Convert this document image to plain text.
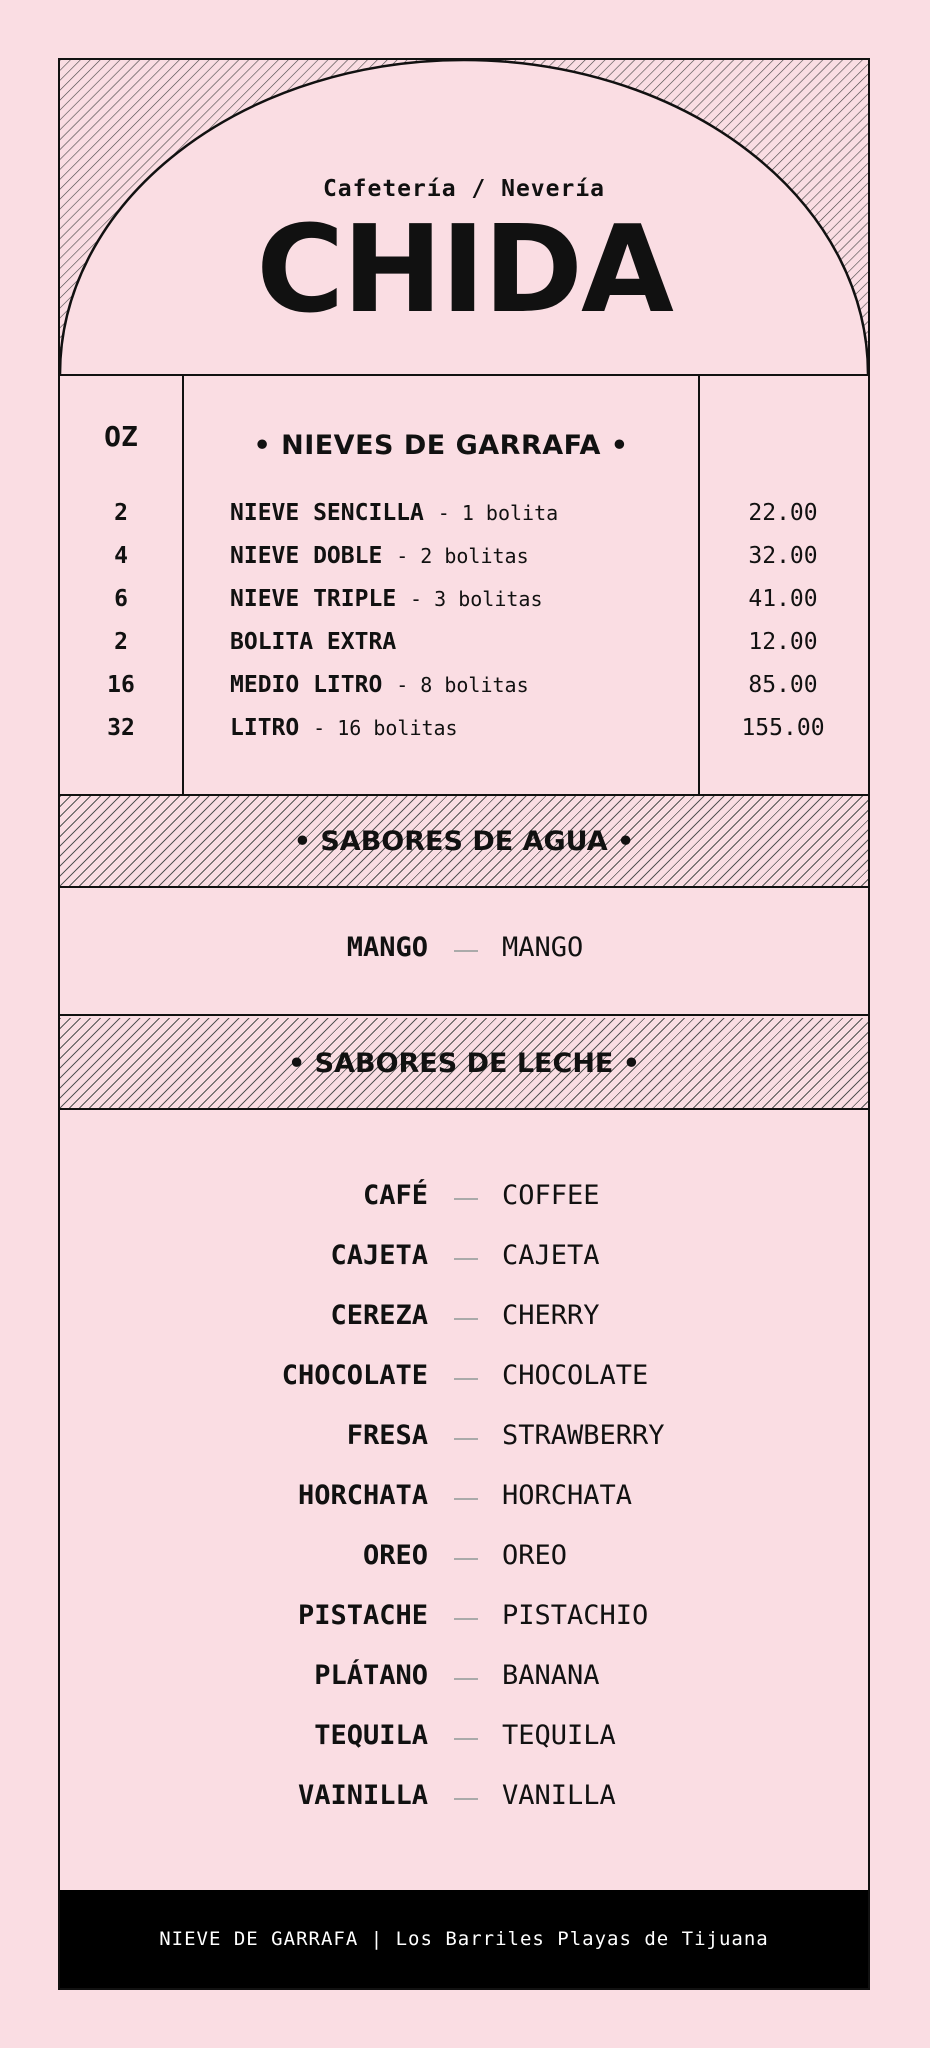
Cafetería / Nevería
CHIDA
OZ	• NIEVES DE GARRAFA •
2	NIEVE SENCILLA - 1 bolita	22.00
4	NIEVE DOBLE - 2 bolitas	32.00
6	NIEVE TRIPLE - 3 bolitas	41.00
2	BOLITA EXTRA	12.00
16	MEDIO LITRO - 8 bolitas	85.00
32	LITRO - 16 bolitas	155.00
• SABORES DE AGUA •
MANGO	MANGO
• SABORES DE LECHE •
CAFÉ	COFFEE
CAJETA	CAJETA
CEREZA	CHERRY
CHOCOLATE	CHOCOLATE
FRESA	STRAWBERRY
HORCHATA	HORCHATA
OREO	OREO
PISTACHE	PISTACHIO
PLÁTANO	BANANA
TEQUILA	TEQUILA
VAINILLA	VANILLA
NIEVE DE GARRAFA | Los Barriles Playas de Tijuana
